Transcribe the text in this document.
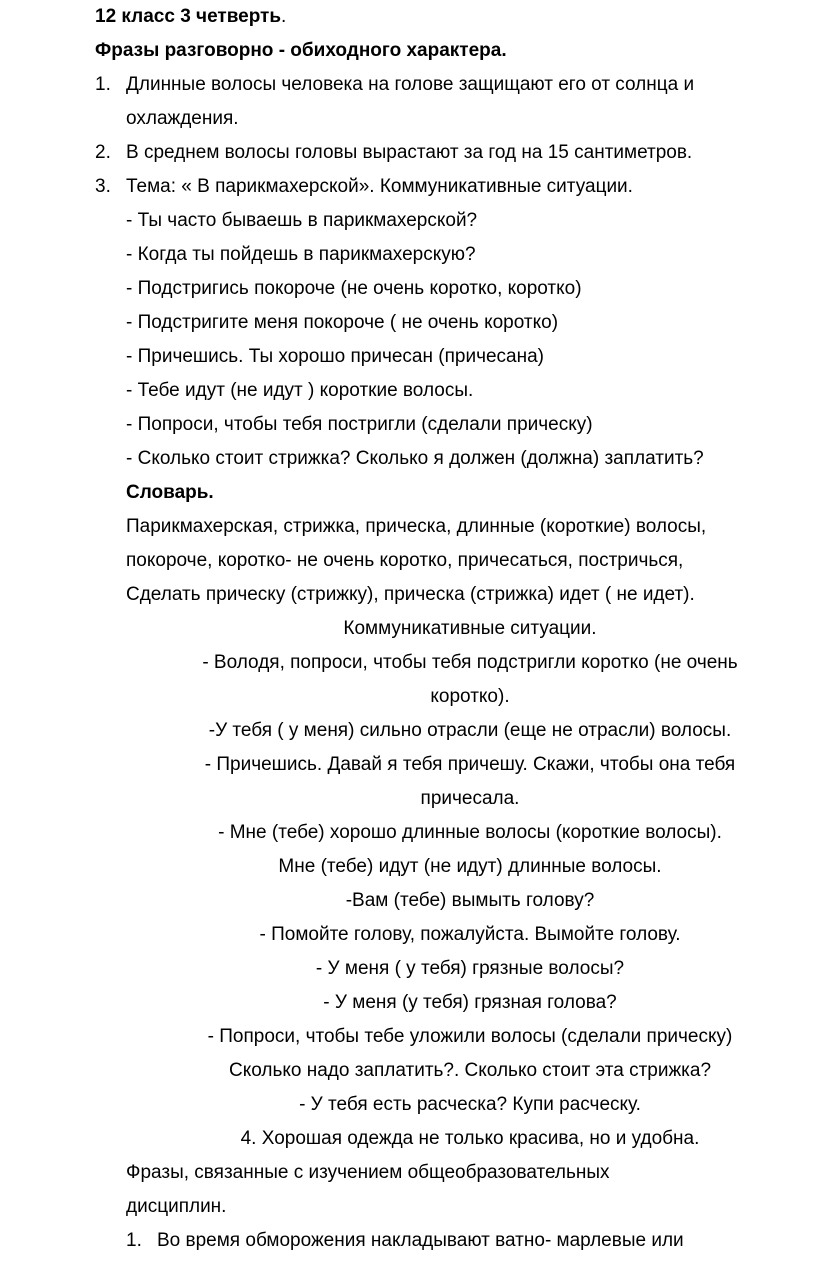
12 класс 3 четверть.
Фразы разговорно - обиходного характера.
1. Длинные волосы человека на голове защищают его от солнца и
охлаждения.
2. В среднем волосы головы вырастают за год на 15 сантиметров.
3. Тема: « В парикмахерской». Коммуникативные ситуации.
- Ты часто бываешь в парикмахерской?
- Когда ты пойдешь в парикмахерскую?
- Подстригись покороче (не очень коротко, коротко)
- Подстригите меня покороче ( не очень коротко)
- Причешись. Ты хорошо причесан (причесана)
- Тебе идут (не идут ) короткие волосы.
- Попроси, чтобы тебя постригли (сделали прическу)
- Сколько стоит стрижка? Сколько я должен (должна) заплатить?
Словарь.
Парикмахерская, стрижка, прическа, длинные (короткие) волосы,
покороче, коротко- не очень коротко, причесаться, постричься,
Сделать прическу (стрижку), прическа (стрижка) идет ( не идет).
Коммуникативные ситуации.
- Володя, попроси, чтобы тебя подстригли коротко (не очень
коротко).
-У тебя ( у меня) сильно отрасли (еще не отрасли) волосы.
- Причешись. Давай я тебя причешу. Скажи, чтобы она тебя
причесала.
- Мне (тебе) хорошо длинные волосы (короткие волосы).
Мне (тебе) идут (не идут) длинные волосы.
-Вам (тебе) вымыть голову?
- Помойте голову, пожалуйста. Вымойте голову.
- У меня ( у тебя) грязные волосы?
- У меня (у тебя) грязная голова?
- Попроси, чтобы тебе уложили волосы (сделали прическу)
Сколько надо заплатить?. Сколько стоит эта стрижка?
- У тебя есть расческа? Купи расческу.
4. Хорошая одежда не только красива, но и удобна.
Фразы, связанные с изучением общеобразовательных
дисциплин.
1. Во время обморожения накладывают ватно- марлевые или
